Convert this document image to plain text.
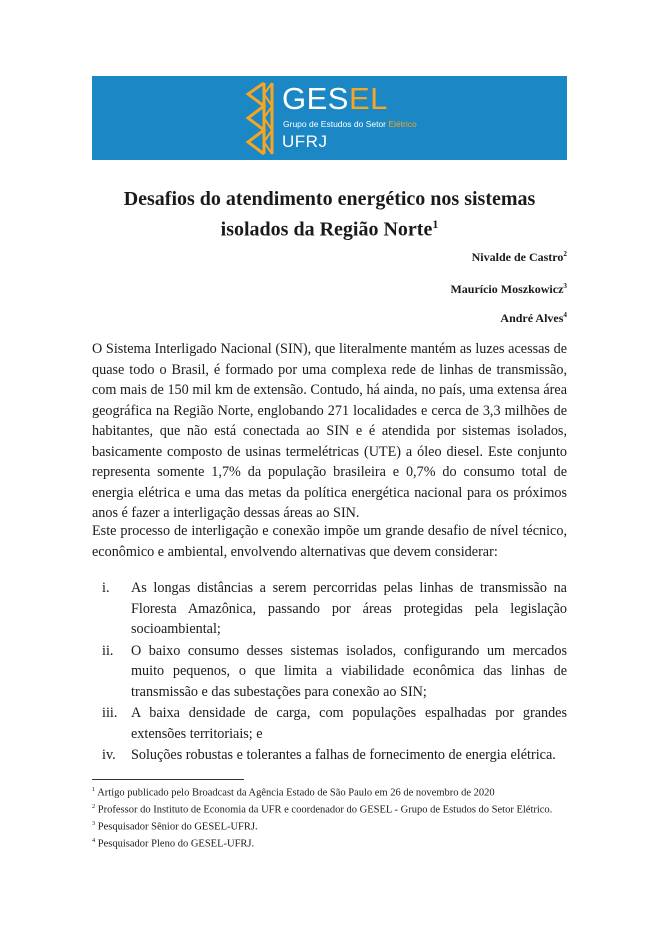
GESEL
Grupo de Estudos do Setor Elétrico
UFRJ
Desafios do atendimento energético nos sistemas
isolados da Região Norte$^1$
Nivalde de Castro$^2$
Maurício Moszkowicz$^3$
André Alves$^4$

O Sistema Interligado Nacional (SIN), que literalmente mantém as luzes acessas de quase todo o Brasil, é formado por uma complexa rede de linhas de transmissão, com mais de 150 mil km de extensão. Contudo, há ainda, no país, uma extensa área geográfica na Região Norte, englobando 271 localidades e cerca de 3,3 milhões de habitantes, que não está conectada ao SIN e é atendida por sistemas isolados, basicamente composto de usinas termelétricas (UTE) a óleo diesel. Este conjunto representa somente 1,7% da população brasileira e 0,7% do consumo total de energia elétrica e uma das metas da política energética nacional para os próximos anos é fazer a interligação dessas áreas ao SIN.

Este processo de interligação e conexão impõe um grande desafio de nível técnico, econômico e ambiental, envolvendo alternativas que devem considerar:

i. As longas distâncias a serem percorridas pelas linhas de transmissão na Floresta Amazônica, passando por áreas protegidas pela legislação socioambiental;
ii. O baixo consumo desses sistemas isolados, configurando um mercados muito pequenos, o que limita a viabilidade econômica das linhas de transmissão e das subestações para conexão ao SIN;
iii. A baixa densidade de carga, com populações espalhadas por grandes extensões territoriais; e
iv. Soluções robustas e tolerantes a falhas de fornecimento de energia elétrica.

$^1$ Artigo publicado pelo Broadcast da Agência Estado de São Paulo em 26 de novembro de 2020

$^2$ Professor do Instituto de Economia da UFR e coordenador do GESEL - Grupo de Estudos do Setor Elétrico.

$^3$ Pesquisador Sênior do GESEL-UFRJ.

$^4$ Pesquisador Pleno do GESEL-UFRJ.
